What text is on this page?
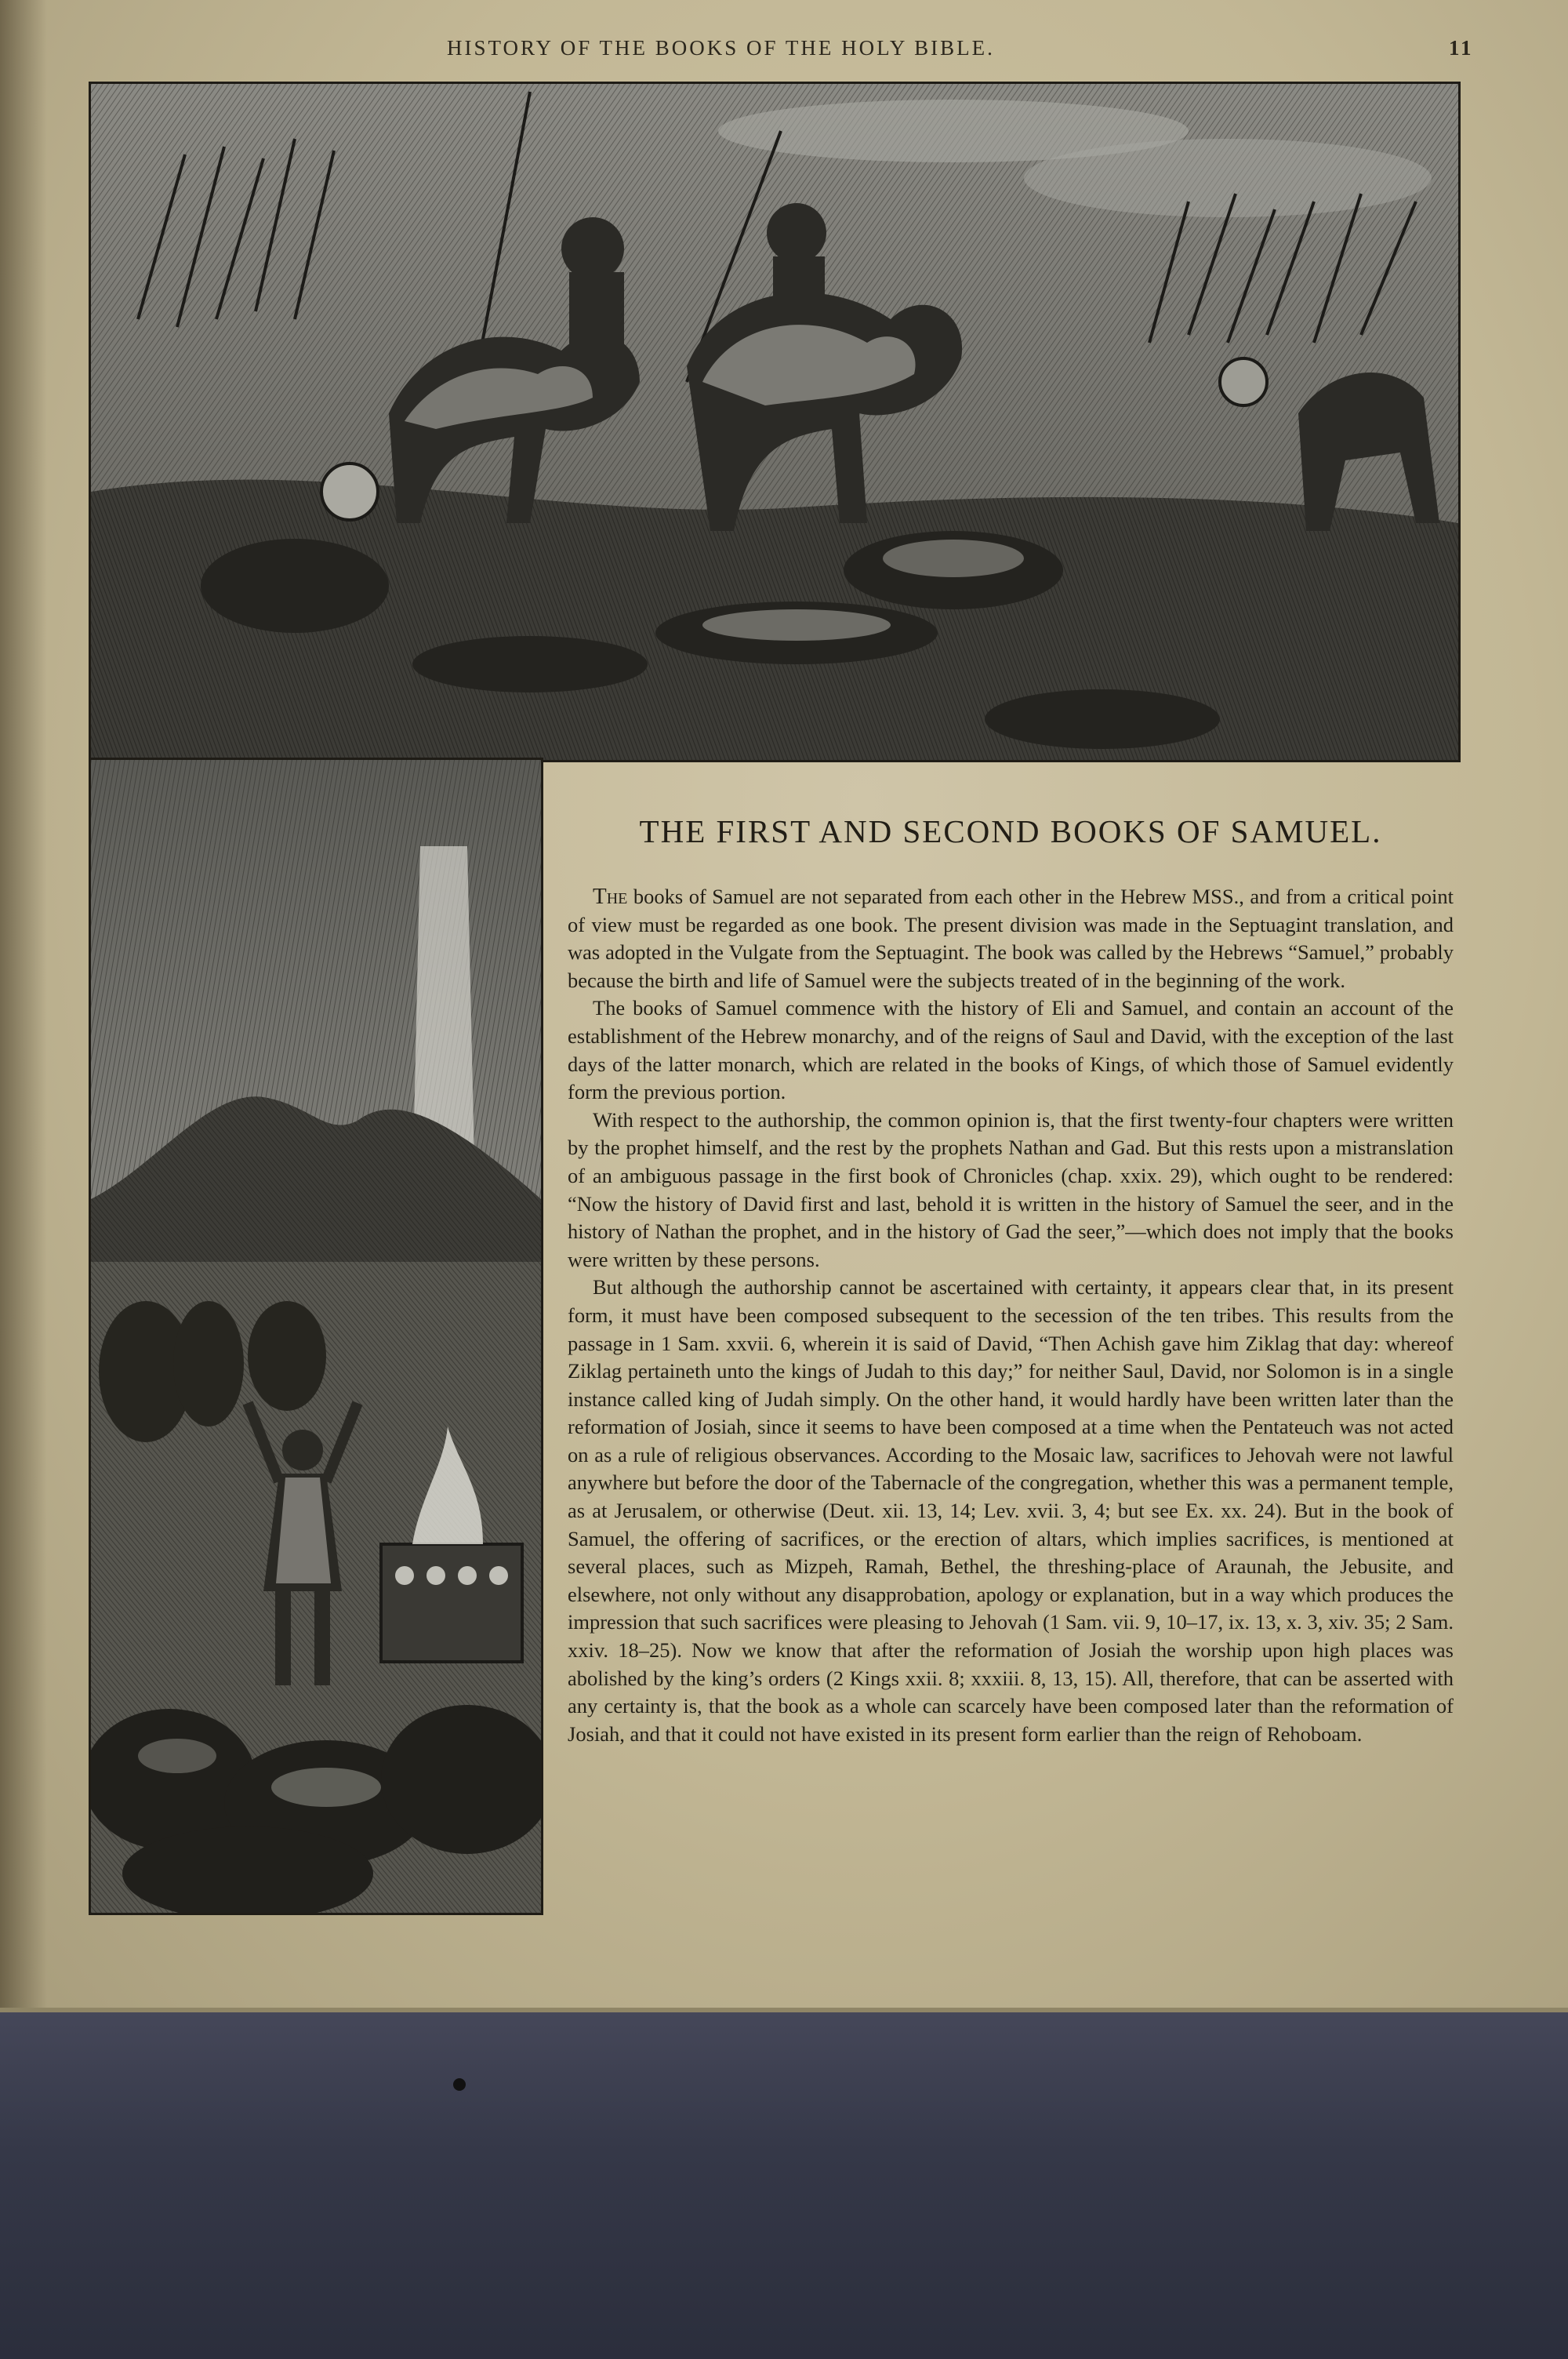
HISTORY OF THE BOOKS OF THE HOLY BIBLE.	11
THE FIRST AND SECOND BOOKS OF SAMUEL.

The books of Samuel are not separated from each other in the Hebrew MSS., and from a critical point of view must be regarded as one book. The present division was made in the Septuagint translation, and was adopted in the Vulgate from the Septuagint. The book was called by the Hebrews “Samuel,” probably because the birth and life of Samuel were the subjects treated of in the beginning of the work.

The books of Samuel commence with the history of Eli and Samuel, and contain an account of the establishment of the Hebrew monarchy, and of the reigns of Saul and David, with the exception of the last days of the latter monarch, which are related in the books of Kings, of which those of Samuel evidently form the previous portion.

With respect to the authorship, the common opinion is, that the first twenty-four chapters were written by the prophet himself, and the rest by the prophets Nathan and Gad. But this rests upon a mistranslation of an ambiguous passage in the first book of Chronicles (chap. xxix. 29), which ought to be rendered: “Now the history of David first and last, behold it is written in the history of Samuel the seer, and in the history of Nathan the prophet, and in the history of Gad the seer,”—which does not imply that the books were written by these persons.

But although the authorship cannot be ascertained with certainty, it appears clear that, in its present form, it must have been composed subsequent to the secession of the ten tribes. This results from the passage in 1 Sam. xxvii. 6, wherein it is said of David, “Then Achish gave him Ziklag that day: whereof Ziklag pertaineth unto the kings of Judah to this day;” for neither Saul, David, nor Solomon is in a single instance called king of Judah simply. On the other hand, it would hardly have been written later than the reformation of Josiah, since it seems to have been composed at a time when the Pentateuch was not acted on as a rule of religious observances. According to the Mosaic law, sacrifices to Jehovah were not lawful anywhere but before the door of the Tabernacle of the congregation, whether this was a permanent temple, as at Jerusalem, or otherwise (Deut. xii. 13, 14; Lev. xvii. 3, 4; but see Ex. xx. 24). But in the book of Samuel, the offering of sacrifices, or the erection of altars, which implies sacrifices, is mentioned at several places, such as Mizpeh, Ramah, Bethel, the threshing-place of Araunah, the Jebusite, and elsewhere, not only without any disapprobation, apology or explanation, but in a way which produces the impression that such sacrifices were pleasing to Jehovah (1 Sam. vii. 9, 10–17, ix. 13, x. 3, xiv. 35; 2 Sam. xxiv. 18–25). Now we know that after the reformation of Josiah the worship upon high places was abolished by the king’s orders (2 Kings xxii. 8; xxxiii. 8, 13, 15). All, therefore, that can be asserted with any certainty is, that the book as a whole can scarcely have been composed later than the reformation of Josiah, and that it could not have existed in its present form earlier than the reign of Rehoboam.
